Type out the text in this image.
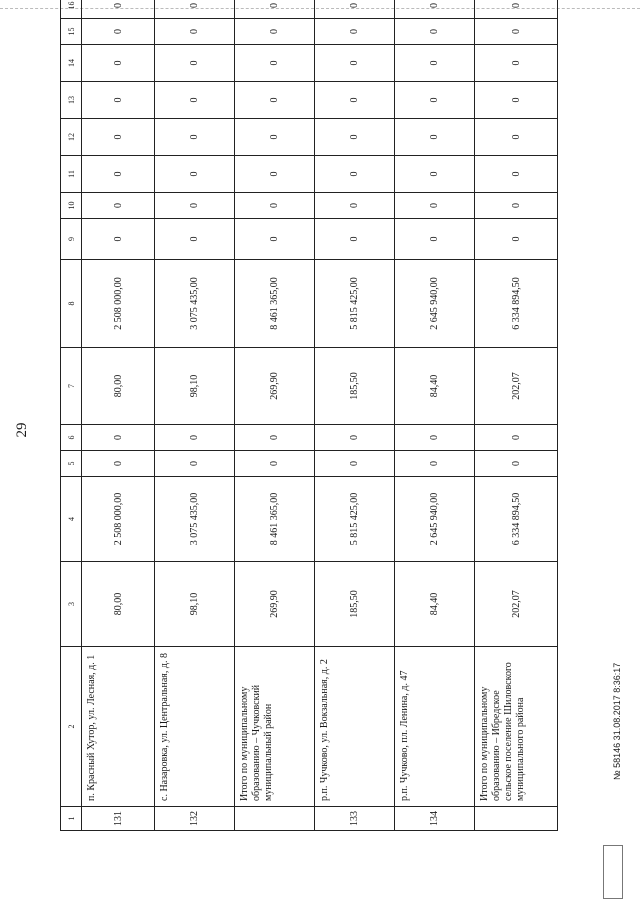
29
1	2	3	4	5	6	7	8	9	10	11	12	13	14	15	16
131	п. Красный Хутор, ул. Лесная, д. 1	80,00	2 508 000,00	0	0	80,00	2 508 000,00	0	0	0	0	0	0	0	0
132	с. Назаровка, ул. Центральная, д. 8	98,10	3 075 435,00	0	0	98,10	3 075 435,00	0	0	0	0	0	0	0	0
	Итого по муниципальному образованию – Чучковский муниципальный район	269,90	8 461 365,00	0	0	269,90	8 461 365,00	0	0	0	0	0	0	0	0
133	р.п. Чучково, ул. Вокзальная, д. 2	185,50	5 815 425,00	0	0	185,50	5 815 425,00	0	0	0	0	0	0	0	0
134	р.п. Чучково, пл. Ленина, д. 47	84,40	2 645 940,00	0	0	84,40	2 645 940,00	0	0	0	0	0	0	0	0
	Итого по муниципальному образованию – Ибредское сельское поселение Шиловского муниципального района	202,07	6 334 894,50	0	0	202,07	6 334 894,50	0	0	0	0	0	0	0	0
№ 58146 31.08.2017 8:36:17
